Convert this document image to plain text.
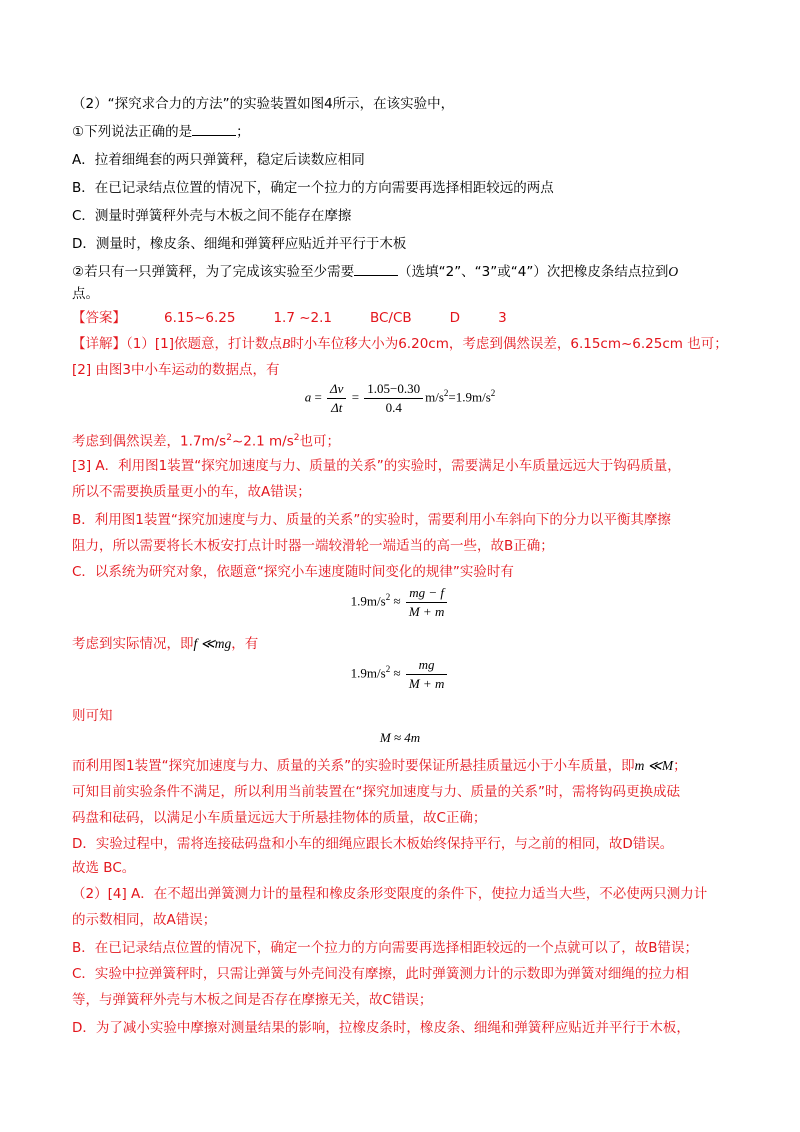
（2）“探究求合力的方法”的实验装置如图4所示，在该实验中，
①下列说法正确的是	；
A．拉着细绳套的两只弹簧秤，稳定后读数应相同
B．在已记录结点位置的情况下，确定一个拉力的方向需要再选择相距较远的两点
C．测量时弹簧秤外壳与木板之间不能存在摩擦
D．测量时，橡皮条、细绳和弹簧秤应贴近并平行于木板
②若只有一只弹簧秤，为了完成该实验至少需要	（选填“2”、“3”或“4”）次把橡皮条结点拉到O
点。
【答案】	6.15~6.25	1.7 ~2.1	BC/CB	D	3
【详解】（1）[1]依题意，打计数点B时小车位移大小为6.20cm，考虑到偶然误差，6.15cm~6.25cm 也可；
[2] 由图3中小车运动的数据点，有
$a = \frac{\Delta v}{\Delta t} = \frac{1.05-0.30}{0.4} m/s^2=1.9m/s^2$
考虑到偶然误差，$1.7m/s^2\sim 2.1$ $m/s^2$也可；
[3] A．利用图1装置“探究加速度与力、质量的关系”的实验时，需要满足小车质量远远大于钩码质量，
所以不需要换质量更小的车，故A错误；
B．利用图1装置“探究加速度与力、质量的关系”的实验时，需要利用小车斜向下的分力以平衡其摩擦
阻力，所以需要将长木板安打点计时器一端较滑轮一端适当的高一些，故B正确；
C．以系统为研究对象，依题意“探究小车速度随时间变化的规律”实验时有
$1.9m/s^2 \approx \frac{mg - f}{M + m}$
考虑到实际情况，即f ≪mg，有
$1.9m/s^2 \approx \frac{mg}{M + m}$
则可知
M ≈ 4m
而利用图1装置“探究加速度与力、质量的关系”的实验时要保证所悬挂质量远小于小车质量，即m ≪M；
可知目前实验条件不满足，所以利用当前装置在“探究加速度与力、质量的关系”时，需将钩码更换成砝
码盘和砝码，以满足小车质量远远大于所悬挂物体的质量，故C正确；
D．实验过程中，需将连接砝码盘和小车的细绳应跟长木板始终保持平行，与之前的相同，故D错误。
故选 BC。
（2）[4] A．在不超出弹簧测力计的量程和橡皮条形变限度的条件下，使拉力适当大些，不必使两只测力计
的示数相同，故A错误；
B．在已记录结点位置的情况下，确定一个拉力的方向需要再选择相距较远的一个点就可以了，故B错误；
C．实验中拉弹簧秤时，只需让弹簧与外壳间没有摩擦，此时弹簧测力计的示数即为弹簧对细绳的拉力相
等，与弹簧秤外壳与木板之间是否存在摩擦无关，故C错误；
D．为了减小实验中摩擦对测量结果的影响，拉橡皮条时，橡皮条、细绳和弹簧秤应贴近并平行于木板，
